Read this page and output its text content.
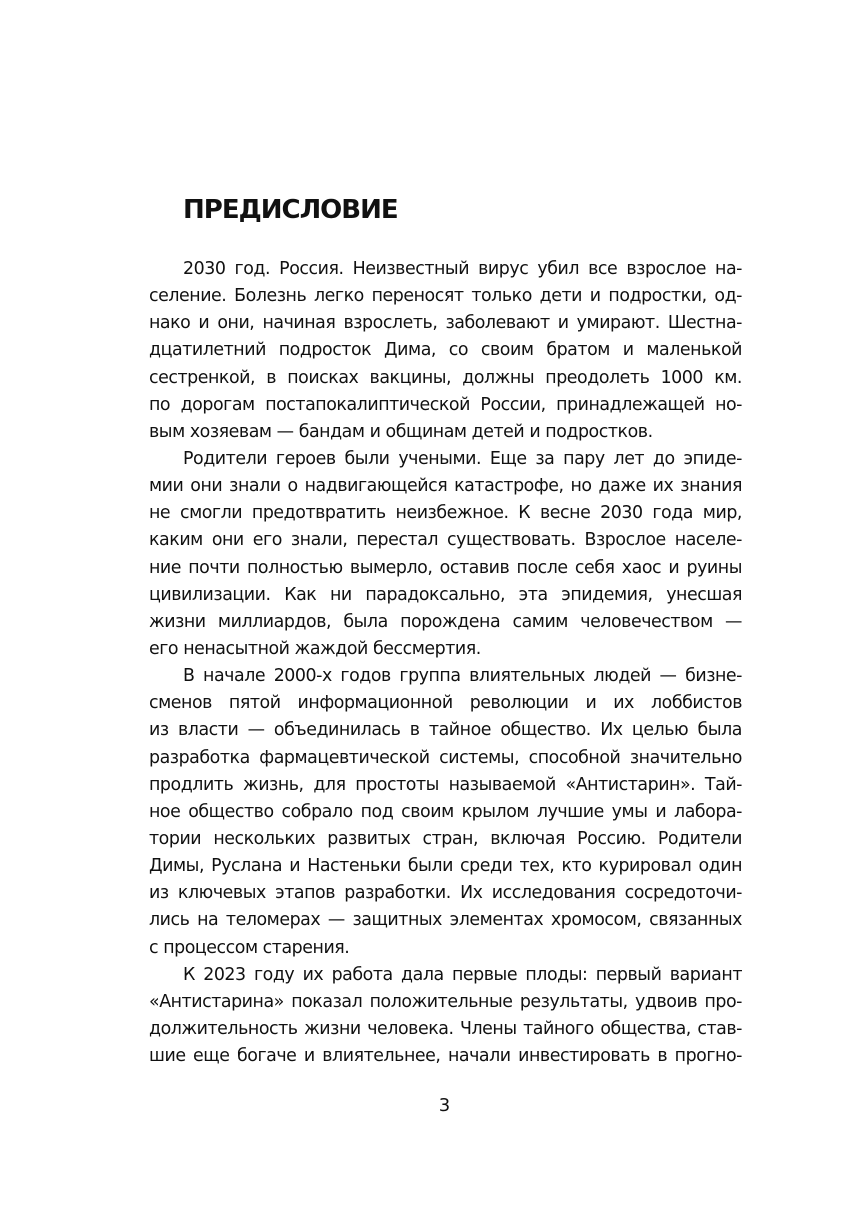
ПРЕДИСЛОВИЕ

2030 год. Россия. Неизвестный вирус убил все взрослое на-
селение. Болезнь легко переносят только дети и подростки, од-
нако и они, начиная взрослеть, заболевают и умирают. Шестна-
дцатилетний подросток Дима, со своим братом и маленькой
сестренкой, в поисках вакцины, должны преодолеть 1000 км.
по дорогам постапокалиптической России, принадлежащей но-
вым хозяевам — бандам и общинам детей и подростков.

Родители героев были учеными. Еще за пару лет до эпиде-
мии они знали о надвигающейся катастрофе, но даже их знания
не смогли предотвратить неизбежное. К весне 2030 года мир,
каким они его знали, перестал существовать. Взрослое населе-
ние почти полностью вымерло, оставив после себя хаос и руины
цивилизации. Как ни парадоксально, эта эпидемия, унесшая
жизни миллиардов, была порождена самим человечеством —
его ненасытной жаждой бессмертия.

В начале 2000-х годов группа влиятельных людей — бизне-
сменов пятой информационной революции и их лоббистов
из власти — объединилась в тайное общество. Их целью была
разработка фармацевтической системы, способной значительно
продлить жизнь, для простоты называемой «Антистарин». Тай-
ное общество собрало под своим крылом лучшие умы и лабора-
тории нескольких развитых стран, включая Россию. Родители
Димы, Руслана и Настеньки были среди тех, кто курировал один
из ключевых этапов разработки. Их исследования сосредоточи-
лись на теломерах — защитных элементах хромосом, связанных
с процессом старения.

К 2023 году их работа дала первые плоды: первый вариант
«Антистарина» показал положительные результаты, удвоив про-
должительность жизни человека. Члены тайного общества, став-
шие еще богаче и влиятельнее, начали инвестировать в прогно-

3
